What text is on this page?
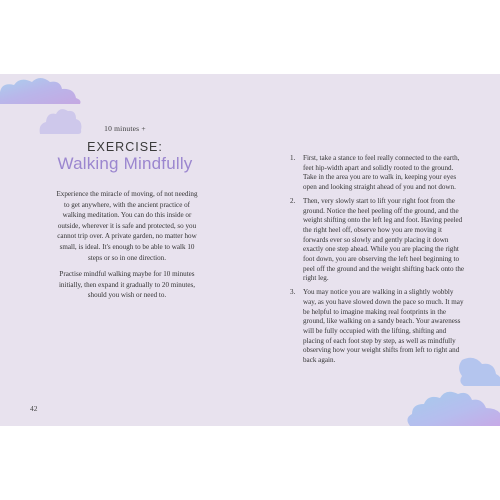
10 minutes +
EXERCISE:
Walking Mindfully

Experience the miracle of moving, of not needing to get anywhere, with the ancient practice of walking meditation. You can do this inside or outside, wherever it is safe and protected, so you cannot trip over. A private garden, no matter how small, is ideal. It's enough to be able to walk 10 steps or so in one direction.

Practise mindful walking maybe for 10 minutes initially, then expand it gradually to 20 minutes, should you wish or need to.

42
1. First, take a stance to feel really connected to the earth, feet hip-width apart and solidly rooted to the ground. Take in the area you are to walk in, keeping your eyes open and looking straight ahead of you and not down.
2. Then, very slowly start to lift your right foot from the ground. Notice the heel peeling off the ground, and the weight shifting onto the left leg and foot. Having peeled the right heel off, observe how you are moving it forwards ever so slowly and gently placing it down exactly one step ahead. While you are placing the right foot down, you are observing the left heel beginning to peel off the ground and the weight shifting back onto the right leg.
3. You may notice you are walking in a slightly wobbly way, as you have slowed down the pace so much. It may be helpful to imagine making real footprints in the ground, like walking on a sandy beach. Your awareness will be fully occupied with the lifting, shifting and placing of each foot step by step, as well as mindfully observing how your weight shifts from left to right and back again.
